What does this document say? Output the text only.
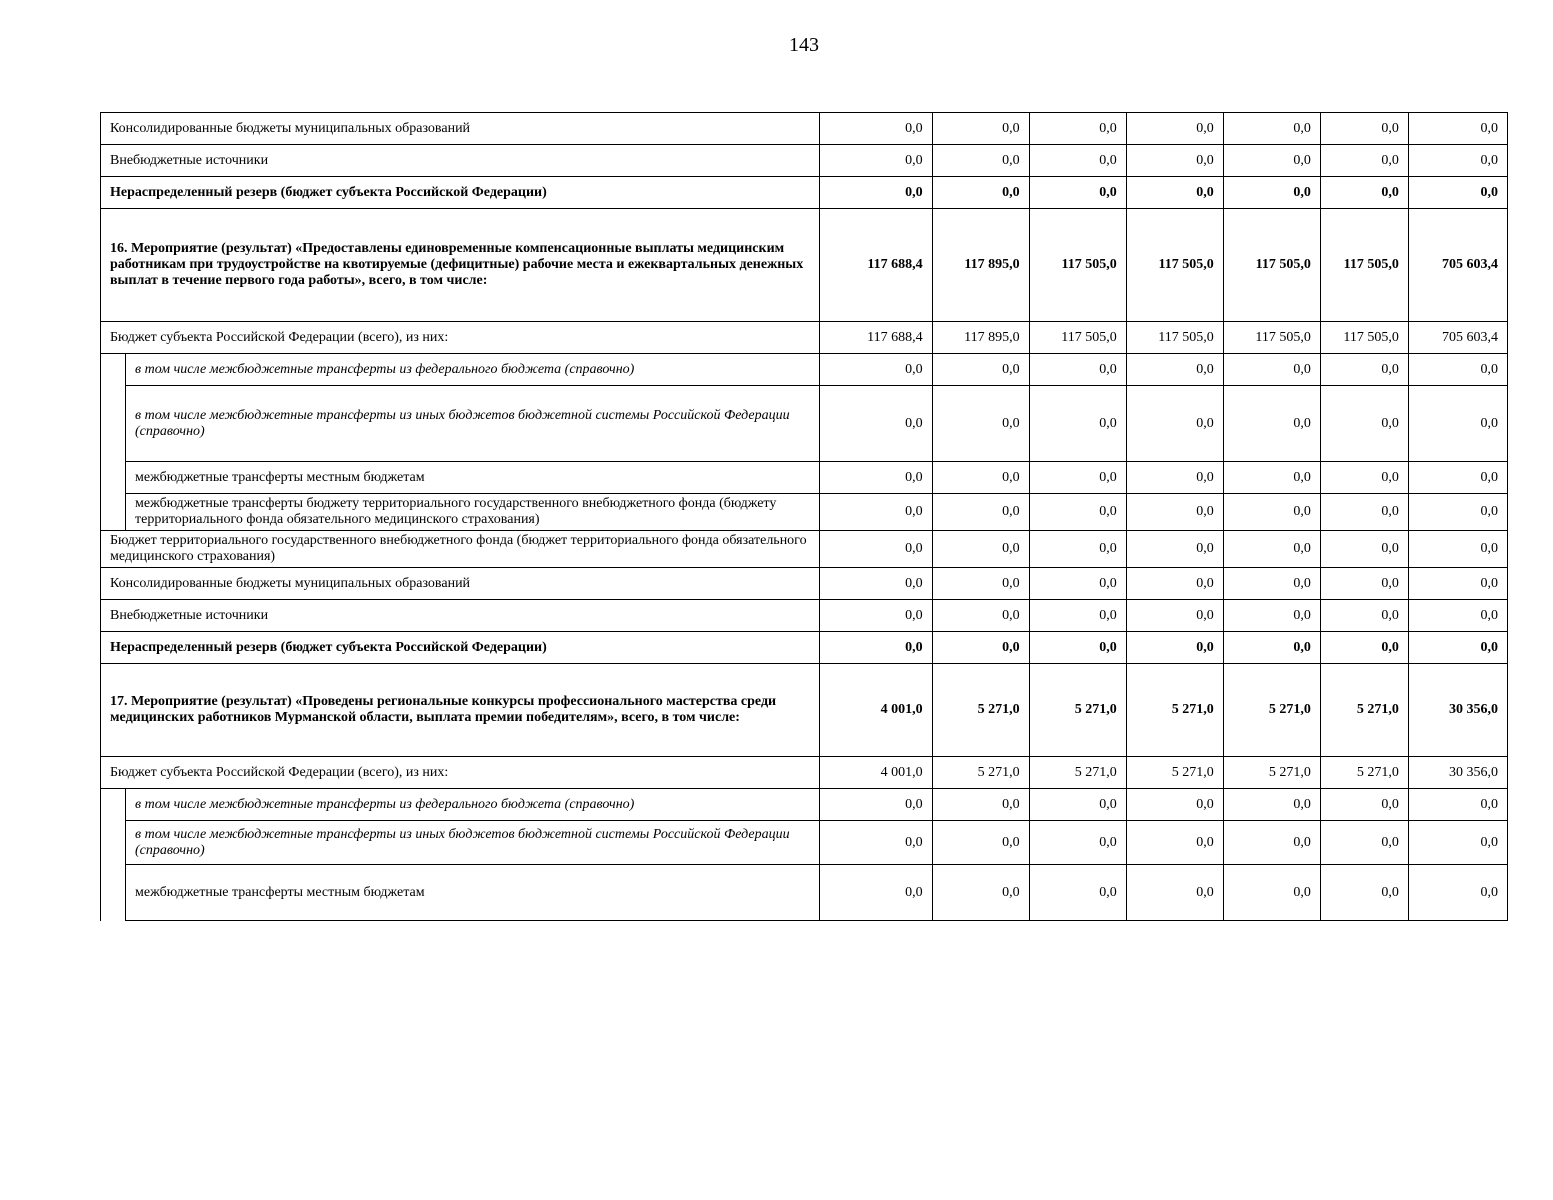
143
Консолидированные бюджеты муниципальных образований		0,0	0,0	0,0	0,0	0,0	0,0	0,0
Внебюджетные источники		0,0	0,0	0,0	0,0	0,0	0,0	0,0
Нераспределенный резерв (бюджет субъекта Российской Федерации)		0,0	0,0	0,0	0,0	0,0	0,0	0,0
16. Мероприятие (результат) «Предоставлены единовременные компенсационные выплаты медицинским работникам при трудоустройстве на квотируемые (дефицитные) рабочие места и ежеквартальных денежных выплат в течение первого года работы», всего, в том числе:		117 688,4	117 895,0	117 505,0	117 505,0	117 505,0	117 505,0	705 603,4
Бюджет субъекта Российской Федерации (всего), из них:		117 688,4	117 895,0	117 505,0	117 505,0	117 505,0	117 505,0	705 603,4
	в том числе межбюджетные трансферты из федерального бюджета (справочно)	0,0	0,0	0,0	0,0	0,0	0,0	0,0
	в том числе межбюджетные трансферты из иных бюджетов бюджетной системы Российской Федерации (справочно)	0,0	0,0	0,0	0,0	0,0	0,0	0,0
	межбюджетные трансферты местным бюджетам	0,0	0,0	0,0	0,0	0,0	0,0	0,0
	межбюджетные трансферты бюджету территориального государственного внебюджетного фонда (бюджету территориального фонда обязательного медицинского страхования)	0,0	0,0	0,0	0,0	0,0	0,0	0,0
Бюджет территориального государственного внебюджетного фонда (бюджет территориального фонда обязательного медицинского страхования)		0,0	0,0	0,0	0,0	0,0	0,0	0,0
Консолидированные бюджеты муниципальных образований		0,0	0,0	0,0	0,0	0,0	0,0	0,0
Внебюджетные источники		0,0	0,0	0,0	0,0	0,0	0,0	0,0
Нераспределенный резерв (бюджет субъекта Российской Федерации)		0,0	0,0	0,0	0,0	0,0	0,0	0,0
17. Мероприятие (результат) «Проведены региональные конкурсы профессионального мастерства среди медицинских работников Мурманской области, выплата премии победителям», всего, в том числе:		4 001,0	5 271,0	5 271,0	5 271,0	5 271,0	5 271,0	30 356,0
Бюджет субъекта Российской Федерации (всего), из них:		4 001,0	5 271,0	5 271,0	5 271,0	5 271,0	5 271,0	30 356,0
	в том числе межбюджетные трансферты из федерального бюджета (справочно)	0,0	0,0	0,0	0,0	0,0	0,0	0,0
	в том числе межбюджетные трансферты из иных бюджетов бюджетной системы Российской Федерации (справочно)	0,0	0,0	0,0	0,0	0,0	0,0	0,0
	межбюджетные трансферты местным бюджетам	0,0	0,0	0,0	0,0	0,0	0,0	0,0
